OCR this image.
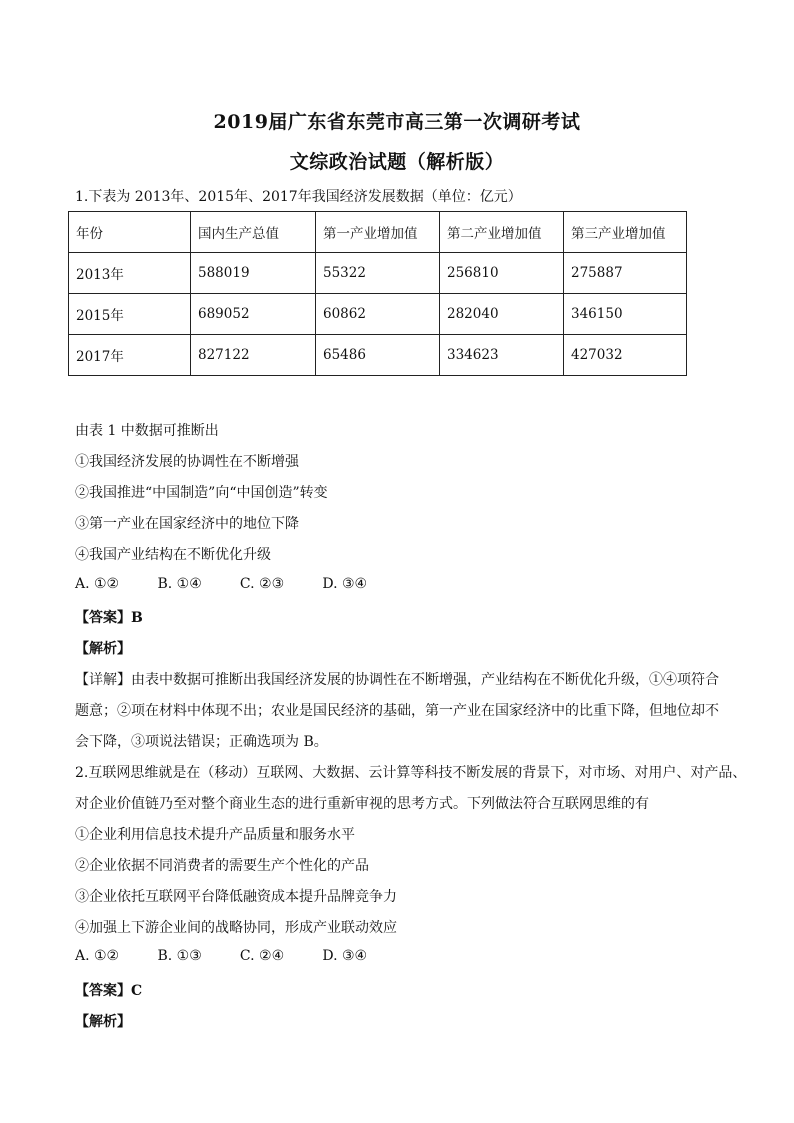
2019届广东省东莞市高三第一次调研考试
文综政治试题（解析版）
1.下表为 2013年、2015年、2017年我国经济发展数据（单位：亿元）
年份	国内生产总值	第一产业增加值	第二产业增加值	第三产业增加值
2013年	588019	55322	256810	275887
2015年	689052	60862	282040	346150
2017年	827122	65486	334623	427032
由表 1 中数据可推断出
①我国经济发展的协调性在不断增强
②我国推进“中国制造”向“中国创造”转变
③第一产业在国家经济中的地位下降
④我国产业结构在不断优化升级
A. ①②	B. ①④	C. ②③	D. ③④
【答案】B
【解析】
【详解】由表中数据可推断出我国经济发展的协调性在不断增强，产业结构在不断优化升级，①④项符合
题意；②项在材料中体现不出；农业是国民经济的基础，第一产业在国家经济中的比重下降，但地位却不
会下降，③项说法错误；正确选项为 B。
2.互联网思维就是在（移动）互联网、大数据、云计算等科技不断发展的背景下，对市场、对用户、对产品、
对企业价值链乃至对整个商业生态的进行重新审视的思考方式。下列做法符合互联网思维的有
①企业利用信息技术提升产品质量和服务水平
②企业依据不同消费者的需要生产个性化的产品
③企业依托互联网平台降低融资成本提升品牌竞争力
④加强上下游企业间的战略协同，形成产业联动效应
A. ①②	B. ①③	C. ②④	D. ③④
【答案】C
【解析】
